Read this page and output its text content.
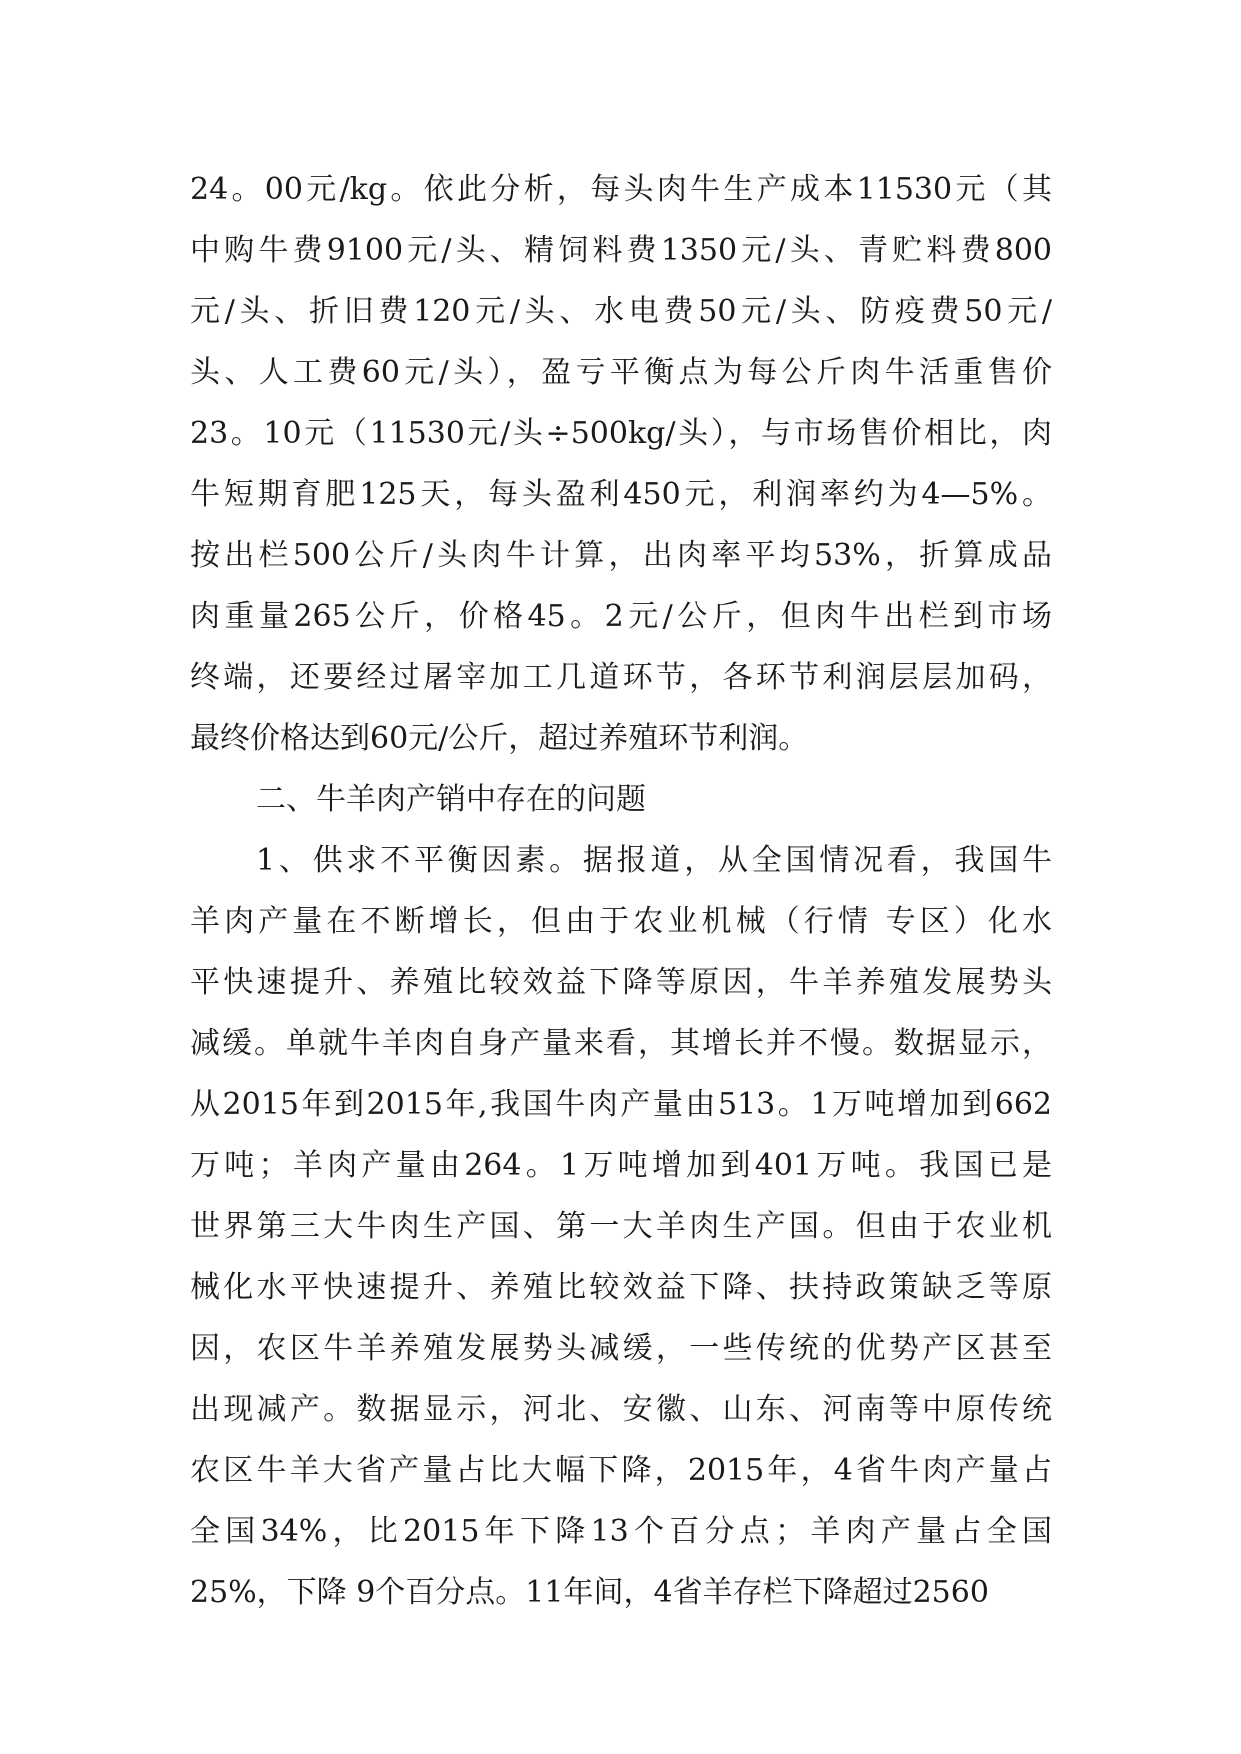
24。00元/kg。依此分析，每头肉牛生产成本11530元（其
中购牛费9100元/头、精饲料费1350元/头、青贮料费800
元/头、折旧费120元/头、水电费50元/头、防疫费50元/
头、人工费60元/头），盈亏平衡点为每公斤肉牛活重售价
23。10元（11530元/头÷500kg/头），与市场售价相比，肉
牛短期育肥125天，每头盈利450元，利润率约为4—5%。
按出栏500公斤/头肉牛计算，出肉率平均53%，折算成品
肉重量265公斤，价格45。2元/公斤，但肉牛出栏到市场
终端，还要经过屠宰加工几道环节，各环节利润层层加码，
最终价格达到60元/公斤，超过养殖环节利润。
二、牛羊肉产销中存在的问题
1、供求不平衡因素。据报道，从全国情况看，我国牛
羊肉产量在不断增长，但由于农业机械（行情 专区）化水
平快速提升、养殖比较效益下降等原因，牛羊养殖发展势头
减缓。单就牛羊肉自身产量来看，其增长并不慢。数据显示，
从2015年到2015年,我国牛肉产量由513。1万吨增加到662
万吨；羊肉产量由264。1万吨增加到401万吨。我国已是
世界第三大牛肉生产国、第一大羊肉生产国。但由于农业机
械化水平快速提升、养殖比较效益下降、扶持政策缺乏等原
因，农区牛羊养殖发展势头减缓，一些传统的优势产区甚至
出现减产。数据显示，河北、安徽、山东、河南等中原传统
农区牛羊大省产量占比大幅下降，2015年，4省牛肉产量占
全国34%，比2015年下降13个百分点；羊肉产量占全国
25%，下降 9个百分点。11年间，4省羊存栏下降超过2560
